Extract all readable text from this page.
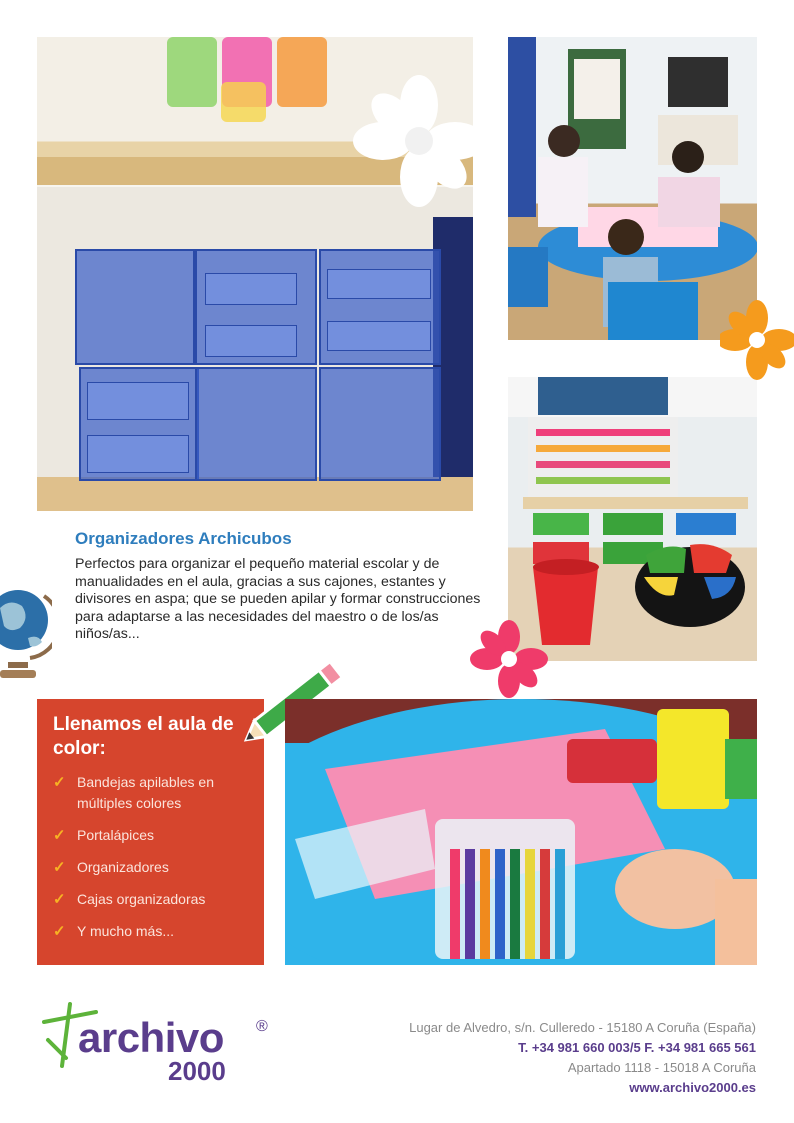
Organizadores Archicubos

Perfectos para organizar el pequeño material escolar y de manualidades en el aula, gracias a sus cajones, estantes y divisores en aspa; que se pueden apilar y formar construcciones para adaptarse a las necesidades del maestro o de los/as niños/as...

Llenamos el aula de color:
✓ Bandejas apilables en múltiples colores
✓ Portalápices
✓ Organizadores
✓ Cajas organizadoras
✓ Y mucho más...
archivo ®
2000
Lugar de Alvedro, s/n. Culleredo - 15180 A Coruña (España)
T. +34 981 660 003/5 F. +34 981 665 561
Apartado 1118 - 15018 A Coruña
www.archivo2000.es
